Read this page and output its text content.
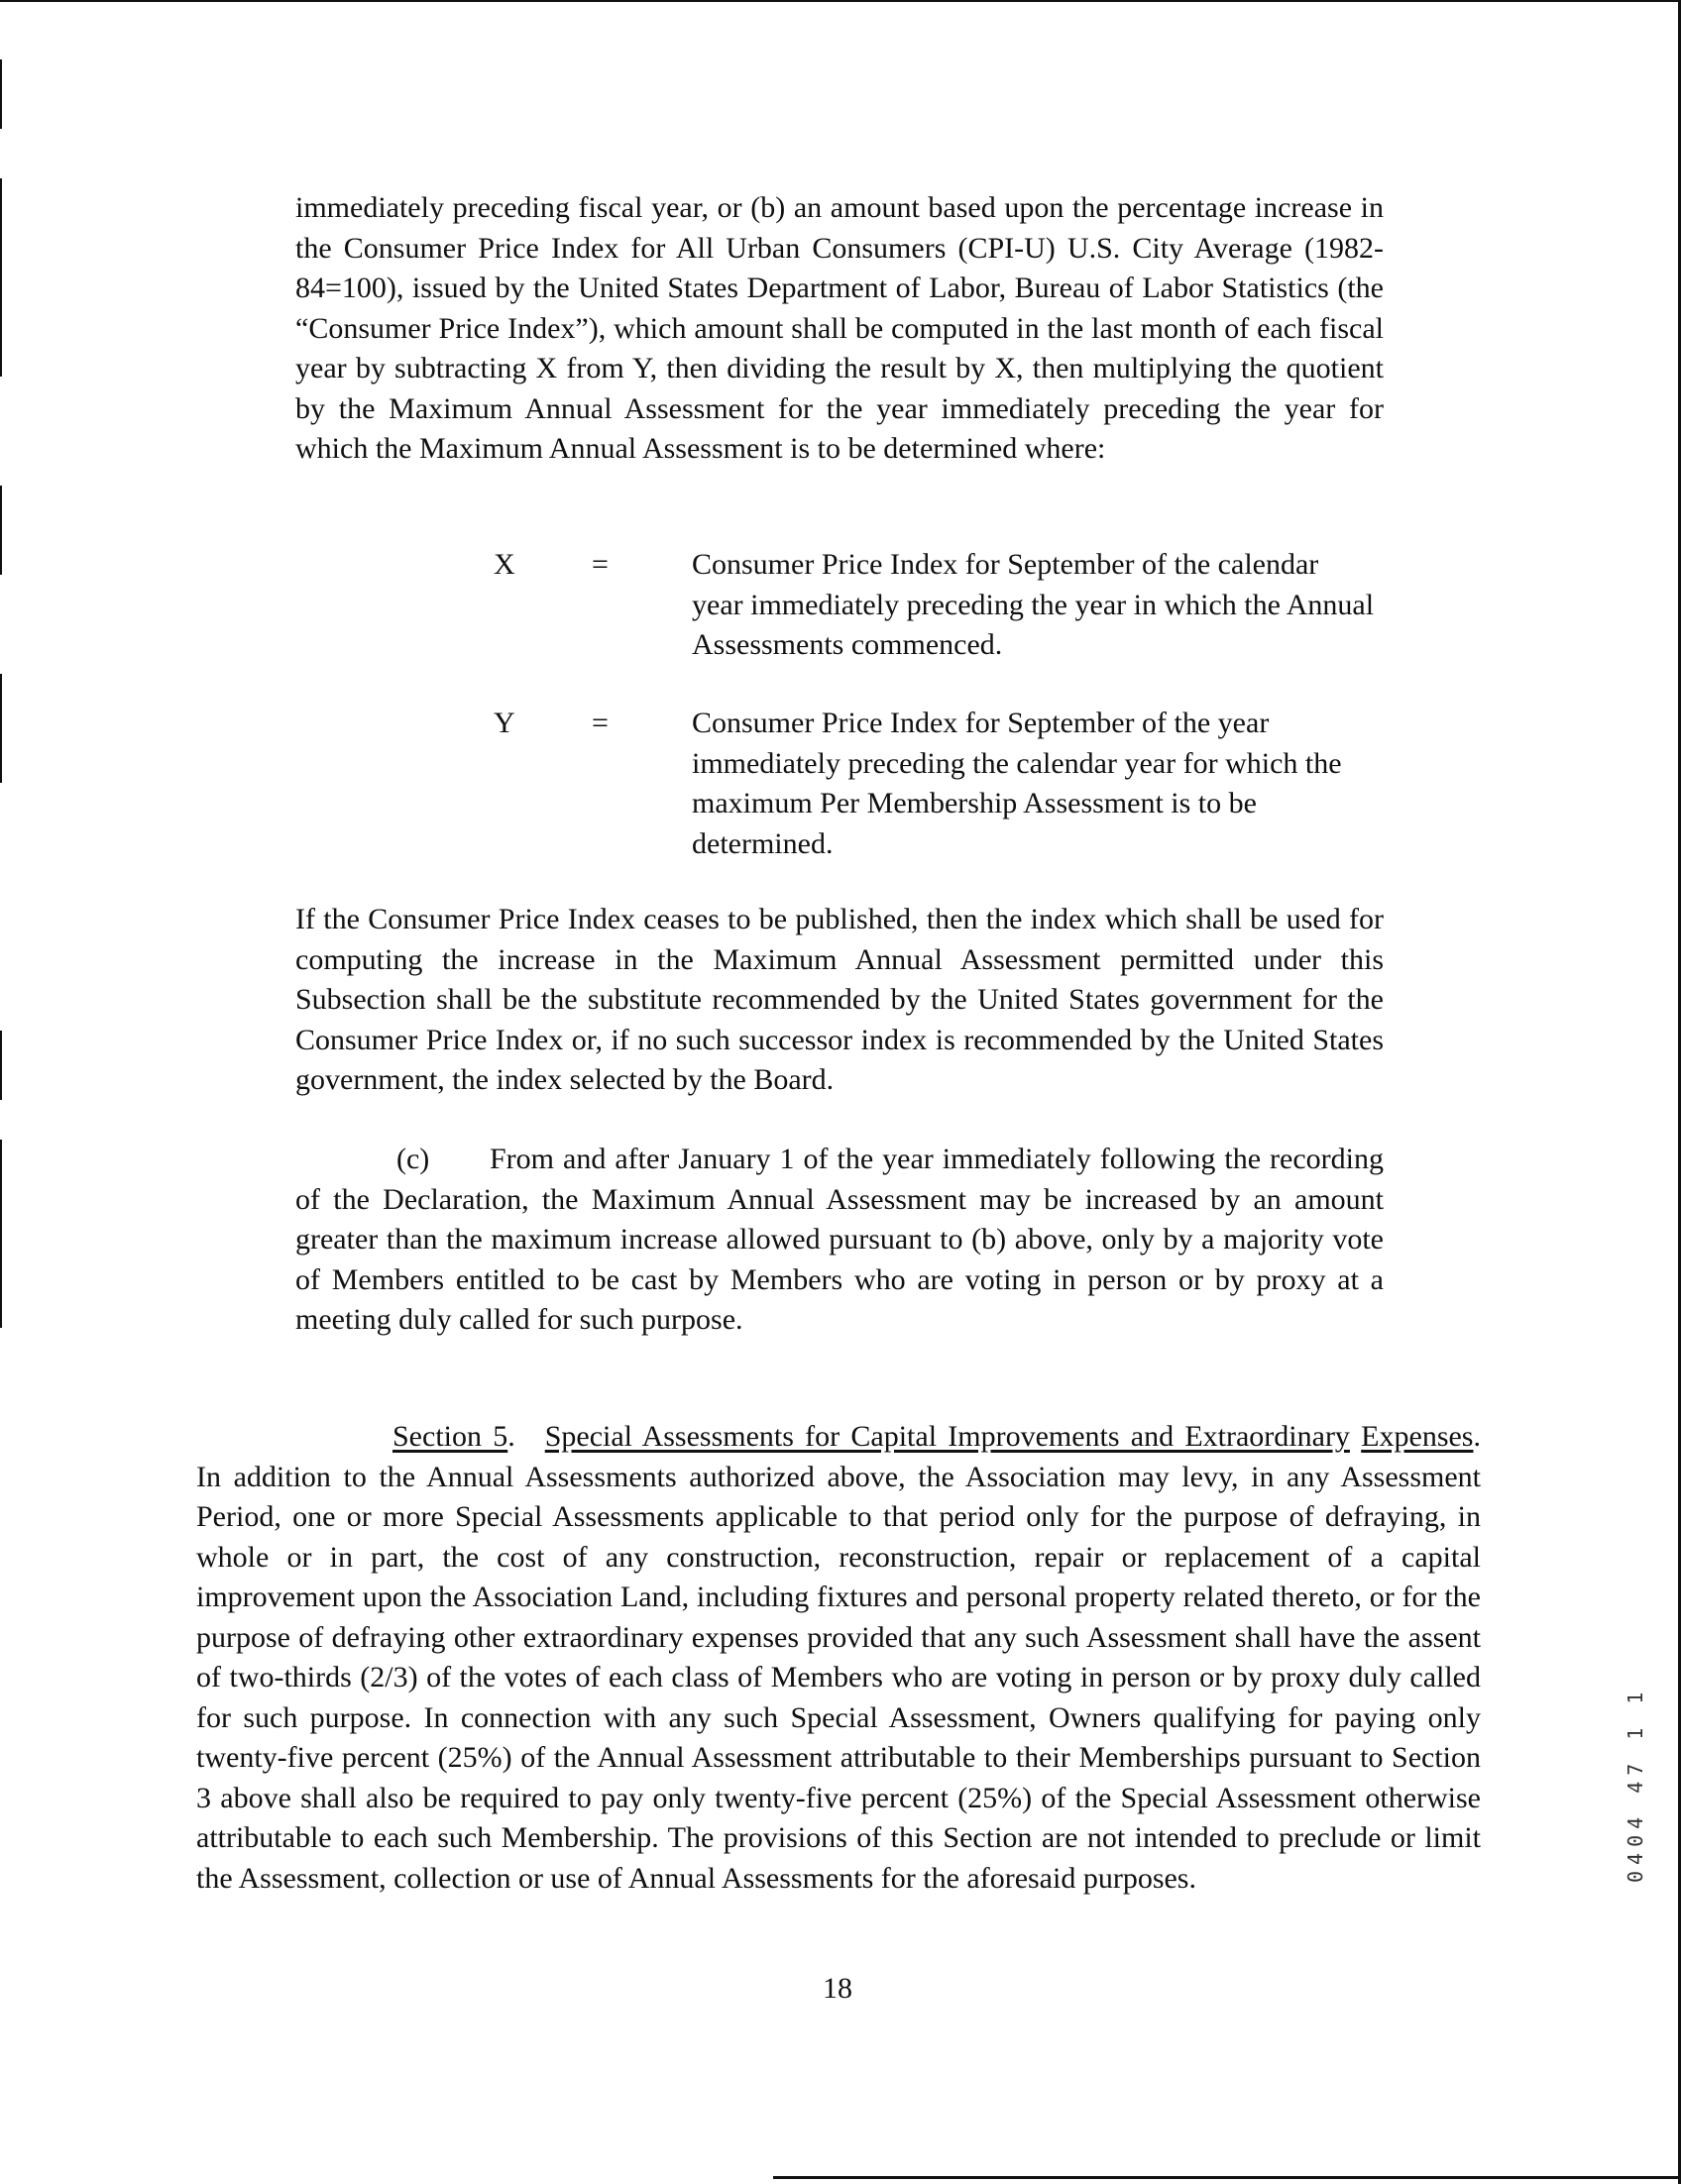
immediately preceding fiscal year, or (b) an amount based upon the percentage increase in the Consumer Price Index for All Urban Consumers (CPI-U) U.S. City Average (1982-84=100), issued by the United States Department of Labor, Bureau of Labor Statistics (the “Consumer Price Index”), which amount shall be computed in the last month of each fiscal year by subtracting X from Y, then dividing the result by X, then multiplying the quotient by the Maximum Annual Assessment for the year immediately preceding the year for which the Maximum Annual Assessment is to be determined where:

X	=	Consumer Price Index for September of the calendar year immediately preceding the year in which the Annual Assessments commenced.
Y	=	Consumer Price Index for September of the year immediately preceding the calendar year for which the maximum Per Membership Assessment is to be determined.

If the Consumer Price Index ceases to be published, then the index which shall be used for computing the increase in the Maximum Annual Assessment permitted under this Subsection shall be the substitute recommended by the United States government for the Consumer Price Index or, if no such successor index is recommended by the United States government, the index selected by the Board.

(c)	From and after January 1 of the year immediately following the recording of the Declaration, the Maximum Annual Assessment may be increased by an amount greater than the maximum increase allowed pursuant to (b) above, only by a majority vote of Members entitled to be cast by Members who are voting in person or by proxy at a meeting duly called for such purpose.

Section 5. Special Assessments for Capital Improvements and Extraordinary Expenses. In addition to the Annual Assessments authorized above, the Association may levy, in any Assessment Period, one or more Special Assessments applicable to that period only for the purpose of defraying, in whole or in part, the cost of any construction, reconstruction, repair or replacement of a capital improvement upon the Association Land, including fixtures and personal property related thereto, or for the purpose of defraying other extraordinary expenses provided that any such Assessment shall have the assent of two-thirds (2/3) of the votes of each class of Members who are voting in person or by proxy duly called for such purpose. In connection with any such Special Assessment, Owners qualifying for paying only twenty-five percent (25%) of the Annual Assessment attributable to their Memberships pursuant to Section 3 above shall also be required to pay only twenty-five percent (25%) of the Special Assessment otherwise attributable to each such Membership. The provisions of this Section are not intended to preclude or limit the Assessment, collection or use of Annual Assessments for the aforesaid purposes.
18
0404 47 1 1
